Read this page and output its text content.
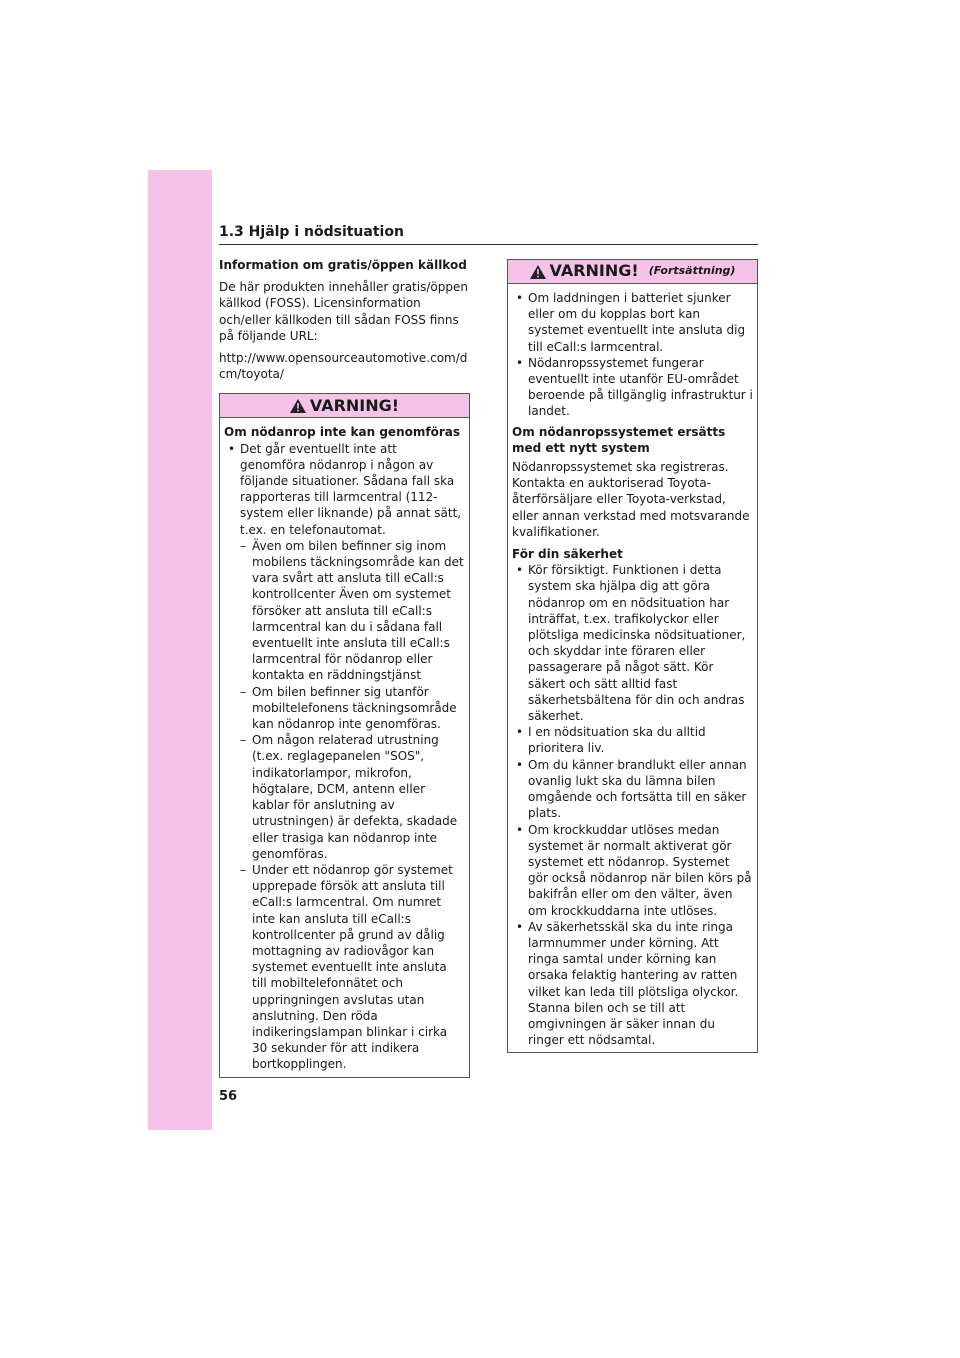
1.3 Hjälp i nödsituation

Information om gratis/öppen källkod

De här produkten innehåller gratis/öppen källkod (FOSS). Licensinformation och/eller källkoden till sådan FOSS finns på följande URL:

http://www.opensourceautomotive.com/dcm/toyota/

VARNING!

Om nödanrop inte kan genomföras

• Det går eventuellt inte att genomföra nödanrop i någon av följande situationer. Sådana fall ska rapporteras till larmcentral (112-system eller liknande) på annat sätt, t.ex. en telefonautomat.
– Även om bilen befinner sig inom mobilens täckningsområde kan det vara svårt att ansluta till eCall:s kontrollcenter Även om systemet försöker att ansluta till eCall:s larmcentral kan du i sådana fall eventuellt inte ansluta till eCall:s larmcentral för nödanrop eller kontakta en räddningstjänst
– Om bilen befinner sig utanför mobiltelefonens täckningsområde kan nödanrop inte genomföras.
– Om någon relaterad utrustning (t.ex. reglagepanelen "SOS", indikatorlampor, mikrofon, högtalare, DCM, antenn eller kablar för anslutning av utrustningen) är defekta, skadade eller trasiga kan nödanrop inte genomföras.
– Under ett nödanrop gör systemet upprepade försök att ansluta till eCall:s larmcentral. Om numret inte kan ansluta till eCall:s kontrollcenter på grund av dålig mottagning av radiovågor kan systemet eventuellt inte ansluta till mobiltelefonnätet och uppringningen avslutas utan anslutning. Den röda indikeringslampan blinkar i cirka 30 sekunder för att indikera bortkopplingen.
VARNING! (Fortsättning)
• Om laddningen i batteriet sjunker eller om du kopplas bort kan systemet eventuellt inte ansluta dig till eCall:s larmcentral.
• Nödanropssystemet fungerar eventuellt inte utanför EU-området beroende på tillgänglig infrastruktur i landet.

Om nödanropssystemet ersätts med ett nytt system

Nödanropssystemet ska registreras. Kontakta en auktoriserad Toyota-återförsäljare eller Toyota-verkstad, eller annan verkstad med motsvarande kvalifikationer.

För din säkerhet

• Kör försiktigt. Funktionen i detta system ska hjälpa dig att göra nödanrop om en nödsituation har inträffat, t.ex. trafikolyckor eller plötsliga medicinska nödsituationer, och skyddar inte föraren eller passagerare på något sätt. Kör säkert och sätt alltid fast säkerhetsbältena för din och andras säkerhet.
• I en nödsituation ska du alltid prioritera liv.
• Om du känner brandlukt eller annan ovanlig lukt ska du lämna bilen omgående och fortsätta till en säker plats.
• Om krockkuddar utlöses medan systemet är normalt aktiverat gör systemet ett nödanrop. Systemet gör också nödanrop när bilen körs på bakifrån eller om den välter, även om krockkuddarna inte utlöses.
• Av säkerhetsskäl ska du inte ringa larmnummer under körning. Att ringa samtal under körning kan orsaka felaktig hantering av ratten vilket kan leda till plötsliga olyckor. Stanna bilen och se till att omgivningen är säker innan du ringer ett nödsamtal.
56
